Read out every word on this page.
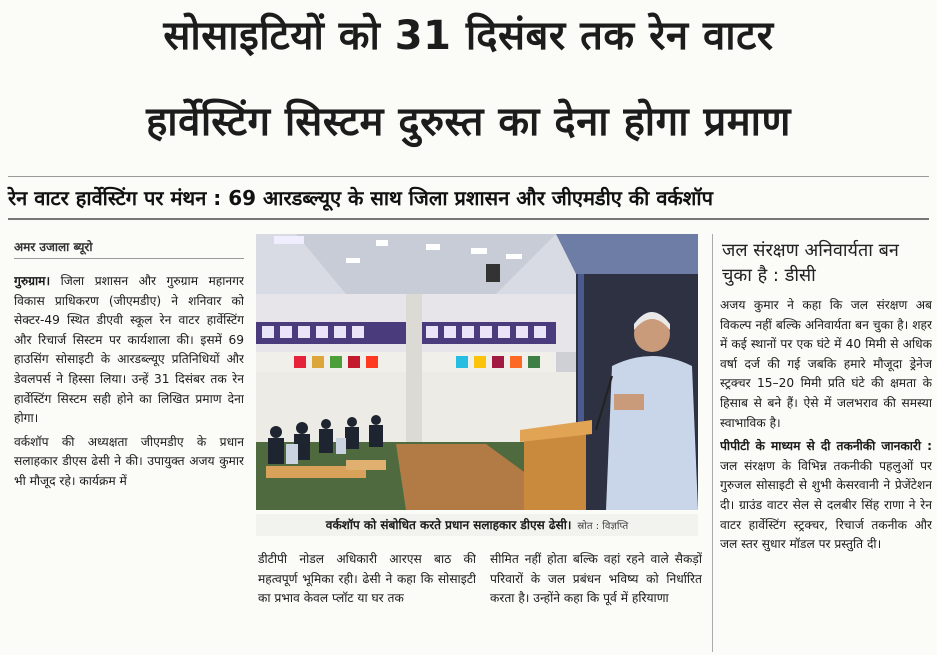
सोसाइटियों को 31 दिसंबर तक रेन वाटर
हार्वेस्टिंग सिस्टम दुरुस्त का देना होगा प्रमाण
रेन वाटर हार्वेस्टिंग पर मंथन : 69 आरडब्ल्यूए के साथ जिला प्रशासन और जीएमडीए की वर्कशॉप
अमर उजाला ब्यूरो

गुरुग्राम। जिला प्रशासन और गुरुग्राम महानगर विकास प्राधिकरण (जीएमडीए) ने शनिवार को सेक्टर-49 स्थित डीएवी स्कूल रेन वाटर हार्वेस्टिंग और रिचार्ज सिस्टम पर कार्यशाला की। इसमें 69 हाउसिंग सोसाइटी के आरडब्ल्यूए प्रतिनिधियों और डेवलपर्स ने हिस्सा लिया। उन्हें 31 दिसंबर तक रेन हार्वेस्टिंग सिस्टम सही होने का लिखित प्रमाण देना होगा।

वर्कशॉप की अध्यक्षता जीएमडीए के प्रधान सलाहकार डीएस ढेसी ने की। उपायुक्त अजय कुमार भी मौजूद रहे। कार्यक्रम में

वर्कशॉप को संबोधित करते प्रधान सलाहकार डीएस ढेसी। स्रोत : विज्ञप्ति

डीटीपी नोडल अधिकारी आरएस बाठ की महत्वपूर्ण भूमिका रही। ढेसी ने कहा कि सोसाइटी का प्रभाव केवल प्लॉट या घर तक

सीमित नहीं होता बल्कि वहां रहने वाले सैकड़ों परिवारों के जल प्रबंधन भविष्य को निर्धारित करता है। उन्होंने कहा कि पूर्व में हरियाणा

जल संरक्षण अनिवार्यता बन चुका है : डीसी

अजय कुमार ने कहा कि जल संरक्षण अब विकल्प नहीं बल्कि अनिवार्यता बन चुका है। शहर में कई स्थानों पर एक घंटे में 40 मिमी से अधिक वर्षा दर्ज की गई जबकि हमारे मौजूदा ड्रेनेज स्ट्रक्चर 15–20 मिमी प्रति घंटे की क्षमता के हिसाब से बने हैं। ऐसे में जलभराव की समस्या स्वाभाविक है।

पीपीटी के माध्यम से दी तकनीकी जानकारी : जल संरक्षण के विभिन्न तकनीकी पहलुओं पर गुरुजल सोसाइटी से शुभी केसरवानी ने प्रेजेंटेशन दी। ग्राउंड वाटर सेल से दलबीर सिंह राणा ने रेन वाटर हार्वेस्टिंग स्ट्रक्चर, रिचार्ज तकनीक और जल स्तर सुधार मॉडल पर प्रस्तुति दी।
